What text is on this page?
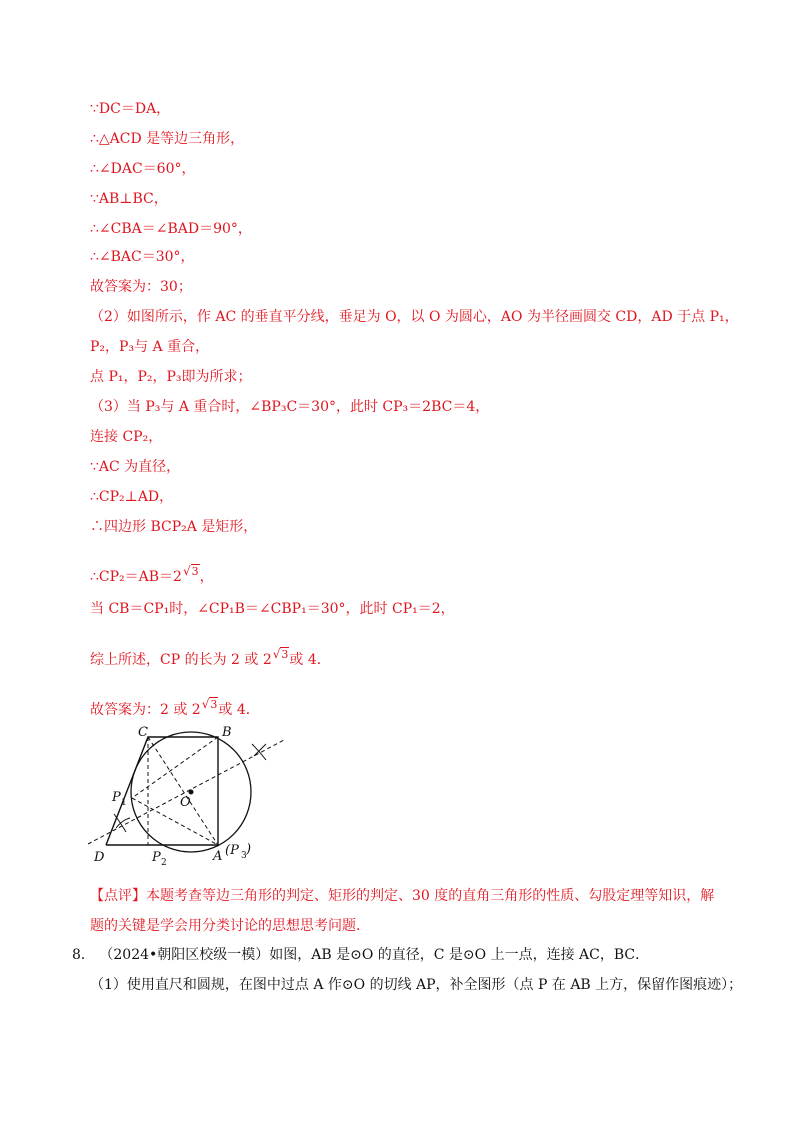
∵DC＝DA，
∴△ACD 是等边三角形，
∴∠DAC＝60°，
∵AB⊥BC，
∴∠CBA＝∠BAD＝90°，
∴∠BAC＝30°，
故答案为：30；
（2）如图所示，作 AC 的垂直平分线，垂足为 O，以 O 为圆心，AO 为半径画圆交 CD，AD 于点 P₁，
P₂，P₃与 A 重合，
点 P₁，P₂，P₃即为所求；
（3）当 P₃与 A 重合时，∠BP₃C＝30°，此时 CP₃＝2BC＝4，
连接 CP₂，
∵AC 为直径，
∴CP₂⊥AD，
∴四边形 BCP₂A 是矩形，
∴CP₂＝AB＝2√3，
当 CB＝CP₁时，∠CP₁B＝∠CBP₁＝30°，此时 CP₁＝2，
综上所述，CP 的长为 2 或 2√3或 4．
故答案为：2 或 2√3或 4．
C	B
O
P 1
D	P 2	A (P 3 )
【点评】本题考查等边三角形的判定、矩形的判定、30 度的直角三角形的性质、勾股定理等知识，解
题的关键是学会用分类讨论的思想思考问题．
8． （2024•朝阳区校级一模）如图，AB 是⊙O 的直径，C 是⊙O 上一点，连接 AC，BC．
（1）使用直尺和圆规，在图中过点 A 作⊙O 的切线 AP，补全图形（点 P 在 AB 上方，保留作图痕迹）；
